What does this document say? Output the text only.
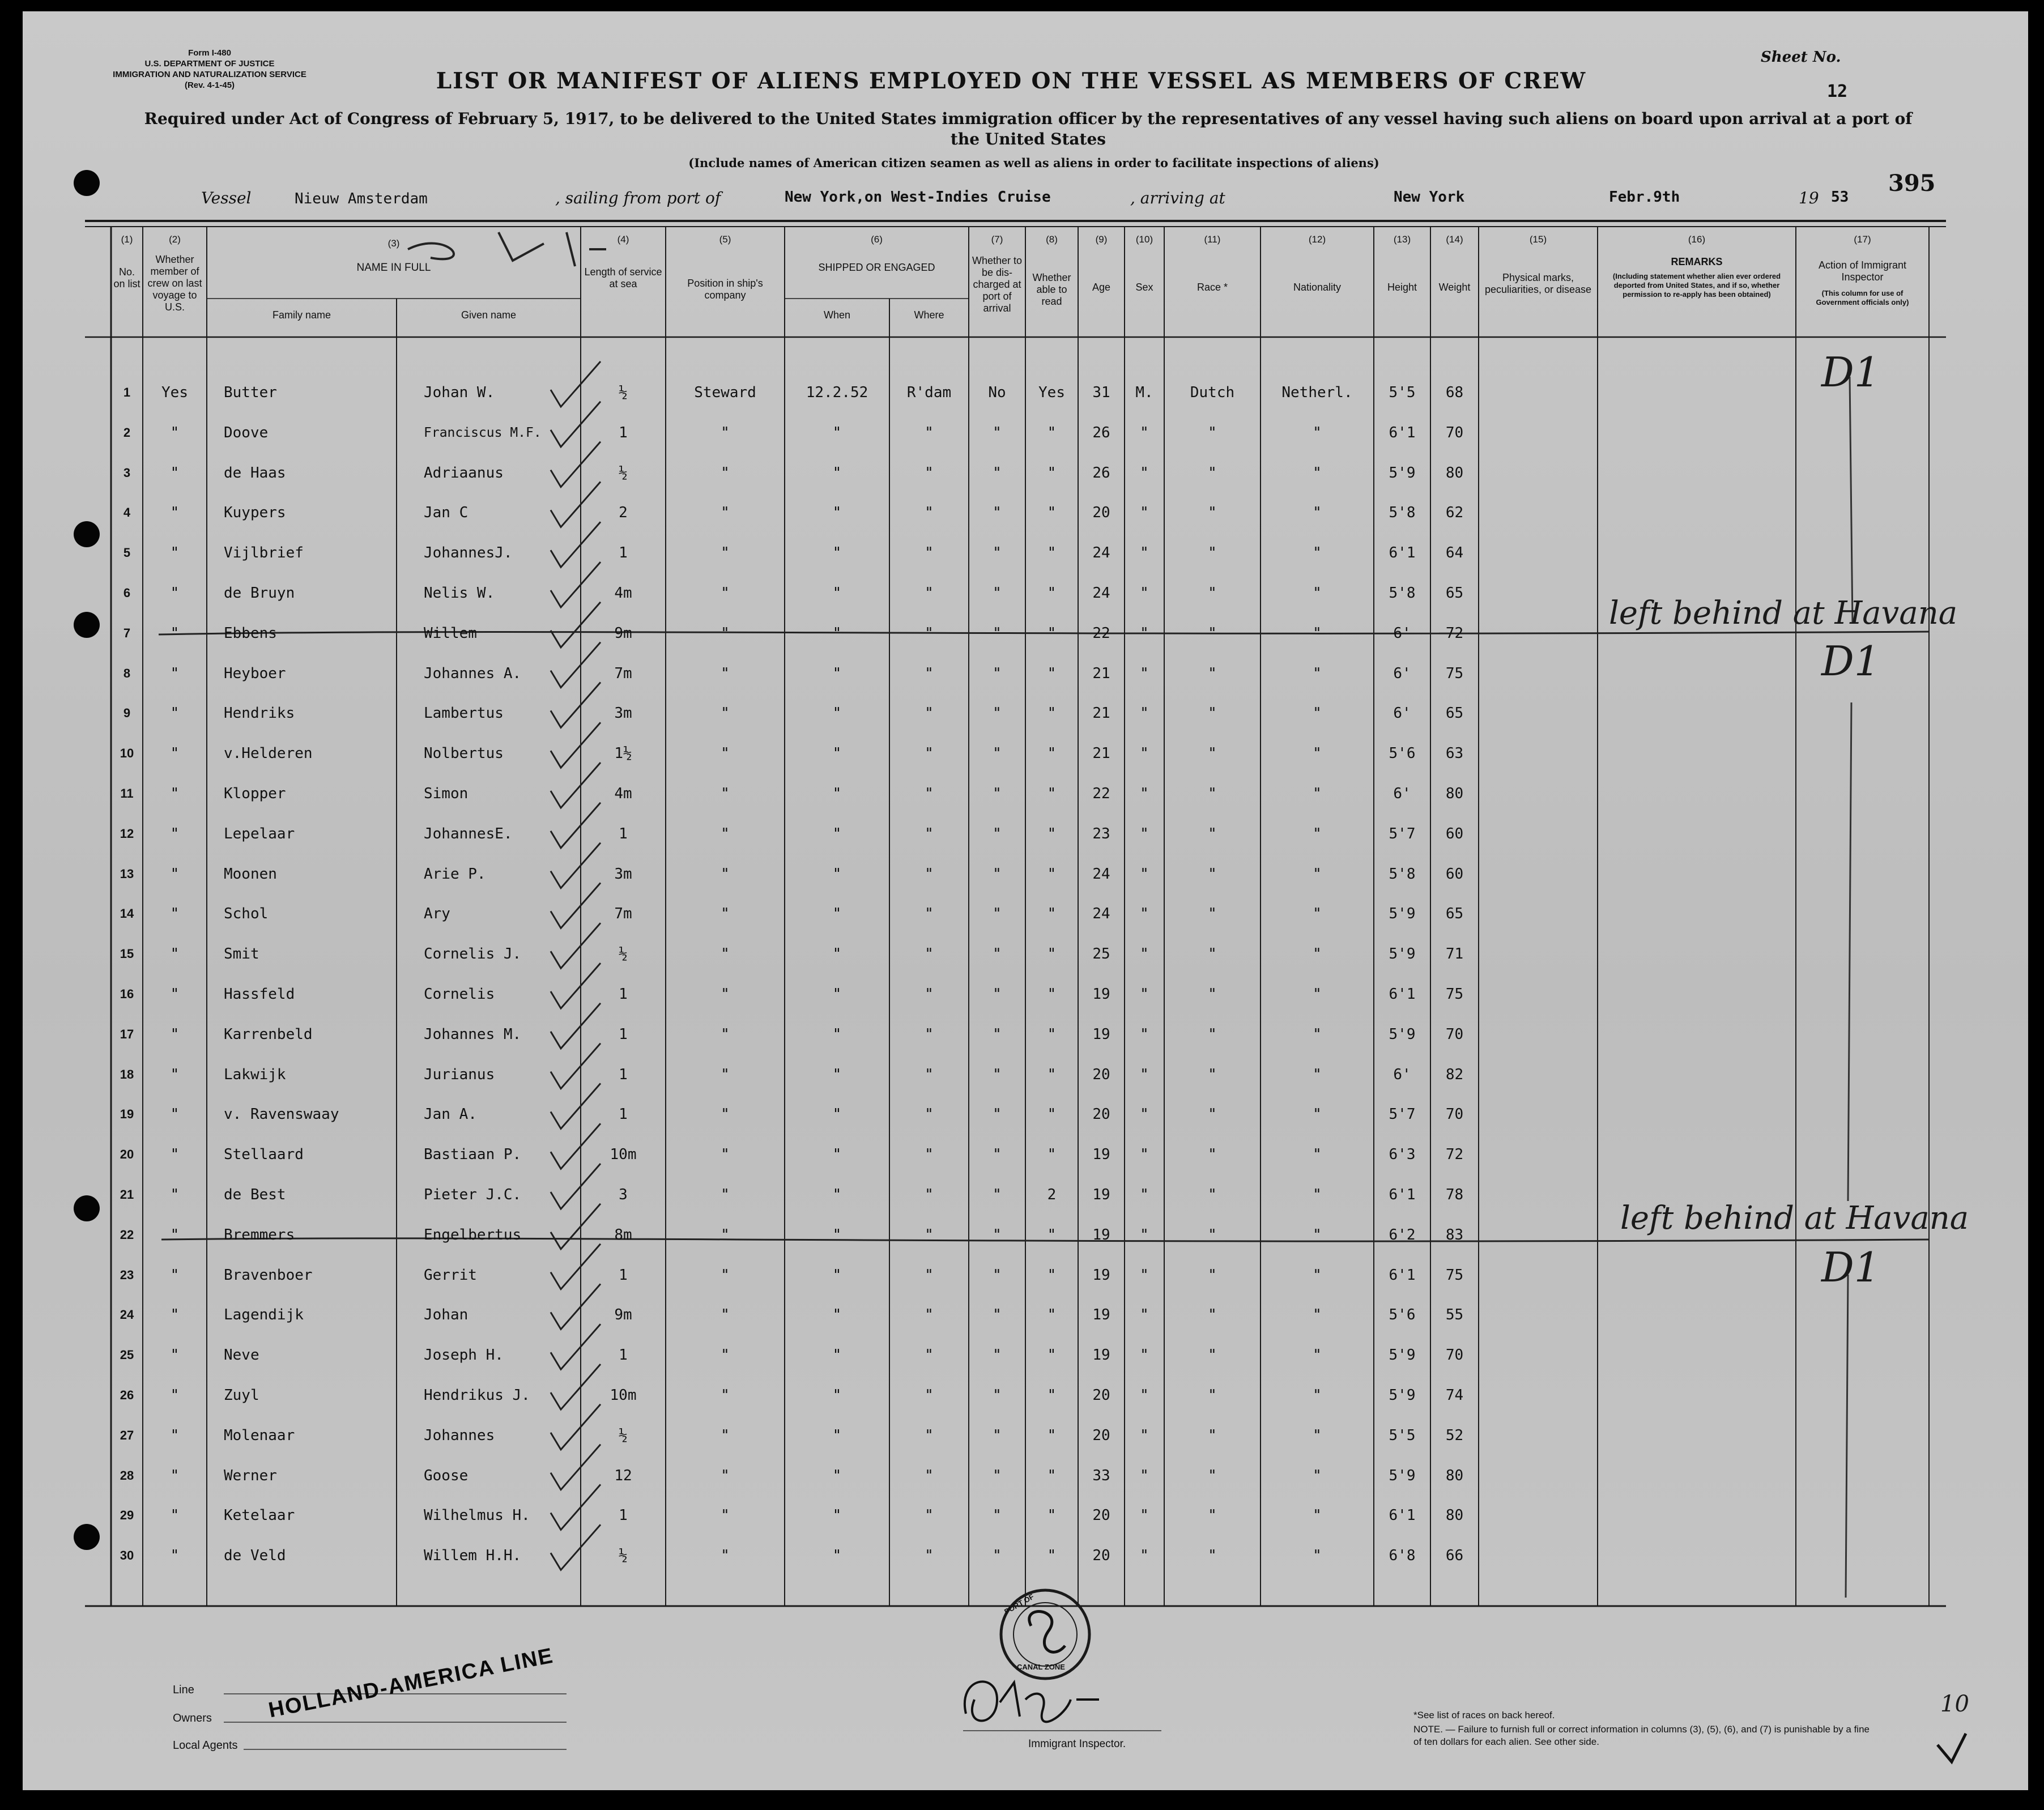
Form I-480
U.S. DEPARTMENT OF JUSTICE
IMMIGRATION AND NATURALIZATION SERVICE
(Rev. 4-1-45)
Sheet No.
12
395
LIST OR MANIFEST OF ALIENS EMPLOYED ON THE VESSEL AS MEMBERS OF CREW
Required under Act of Congress of February 5, 1917, to be delivered to the United States immigration officer by the representatives of any vessel having such aliens on board upon arrival at a port of the United States
(Include names of American citizen seamen as well as aliens in order to facilitate inspections of aliens)
Vessel	Nieuw Amsterdam	, sailing from port of	New York,on West-Indies Cruise	, arriving at	New York	Febr.9th	19 53
(1)	(2)	(3)	(4)	(5)	(6)	(7)	(8)	(9)	(10)	(11)	(12)	(13)	(14)	(15)	(16)	(17)
No. on list
Whether member of crew on last voyage to U.S.
NAME IN FULL
Family name	Given name
Length of service at sea	Position in ship's company
SHIPPED OR ENGAGED
When	Where
Whether to be dis-charged at port of arrival
Whether able to read
Age	Sex	Race *	Nationality	Height	Weight
Physical marks, peculiarities, or disease
REMARKS
(Including statement whether alien ever ordered deported from United States, and if so, whether permission to re-apply has been obtained)
Action of Immigrant Inspector
(This column for use of Government officials only)
1	Yes	Butter	Johan W.	½	Steward	12.2.52	R'dam	No	Yes	31	M.	Dutch	Netherl.	5'5	68
2	"	Doove	Franciscus M.F.	1	"	"	"	"	"	26	"	"	"	6'1	70
3	"	de Haas	Adriaanus	½	"	"	"	"	"	26	"	"	"	5'9	80
4	"	Kuypers	Jan C	2	"	"	"	"	"	20	"	"	"	5'8	62
5	"	Vijlbrief	JohannesJ.	1	"	"	"	"	"	24	"	"	"	6'1	64
6	"	de Bruyn	Nelis W.	4m	"	"	"	"	"	24	"	"	"	5'8	65
7	"	Ebbens	Willem	9m	"	"	"	"	"	22	"	"	"	6'	72
8	"	Heyboer	Johannes A.	7m	"	"	"	"	"	21	"	"	"	6'	75
9	"	Hendriks	Lambertus	3m	"	"	"	"	"	21	"	"	"	6'	65
10	"	v.Helderen	Nolbertus	1½	"	"	"	"	"	21	"	"	"	5'6	63
11	"	Klopper	Simon	4m	"	"	"	"	"	22	"	"	"	6'	80
12	"	Lepelaar	JohannesE.	1	"	"	"	"	"	23	"	"	"	5'7	60
13	"	Moonen	Arie P.	3m	"	"	"	"	"	24	"	"	"	5'8	60
14	"	Schol	Ary	7m	"	"	"	"	"	24	"	"	"	5'9	65
15	"	Smit	Cornelis J.	½	"	"	"	"	"	25	"	"	"	5'9	71
16	"	Hassfeld	Cornelis	1	"	"	"	"	"	19	"	"	"	6'1	75
17	"	Karrenbeld	Johannes M.	1	"	"	"	"	"	19	"	"	"	5'9	70
18	"	Lakwijk	Jurianus	1	"	"	"	"	"	20	"	"	"	6'	82
19	"	v. Ravenswaay	Jan A.	1	"	"	"	"	"	20	"	"	"	5'7	70
20	"	Stellaard	Bastiaan P.	10m	"	"	"	"	"	19	"	"	"	6'3	72
21	"	de Best	Pieter J.C.	3	"	"	"	"	2	19	"	"	"	6'1	78
22	"	Bremmers	Engelbertus	8m	"	"	"	"	"	19	"	"	"	6'2	83
23	"	Bravenboer	Gerrit	1	"	"	"	"	"	19	"	"	"	6'1	75
24	"	Lagendijk	Johan	9m	"	"	"	"	"	19	"	"	"	5'6	55
25	"	Neve	Joseph H.	1	"	"	"	"	"	19	"	"	"	5'9	70
26	"	Zuyl	Hendrikus J.	10m	"	"	"	"	"	20	"	"	"	5'9	74
27	"	Molenaar	Johannes	½	"	"	"	"	"	20	"	"	"	5'5	52
28	"	Werner	Goose	12	"	"	"	"	"	33	"	"	"	5'9	80
29	"	Ketelaar	Wilhelmus H.	1	"	"	"	"	"	20	"	"	"	6'1	80
30	"	de Veld	Willem H.H.	½	"	"	"	"	"	20	"	"	"	6'8	66
left behind at Havana
left behind at Havana
D1
D1
D1
Line
Owners
Local Agents
PORT OF
CANAL ZONE
Immigrant Inspector.
HOLLAND-AMERICA LINE	*See list of races on back hereof.
NOTE. — Failure to furnish full or correct information in columns (3), (5), (6), and (7) is punishable by a fine of ten dollars for each alien. See other side.
10
